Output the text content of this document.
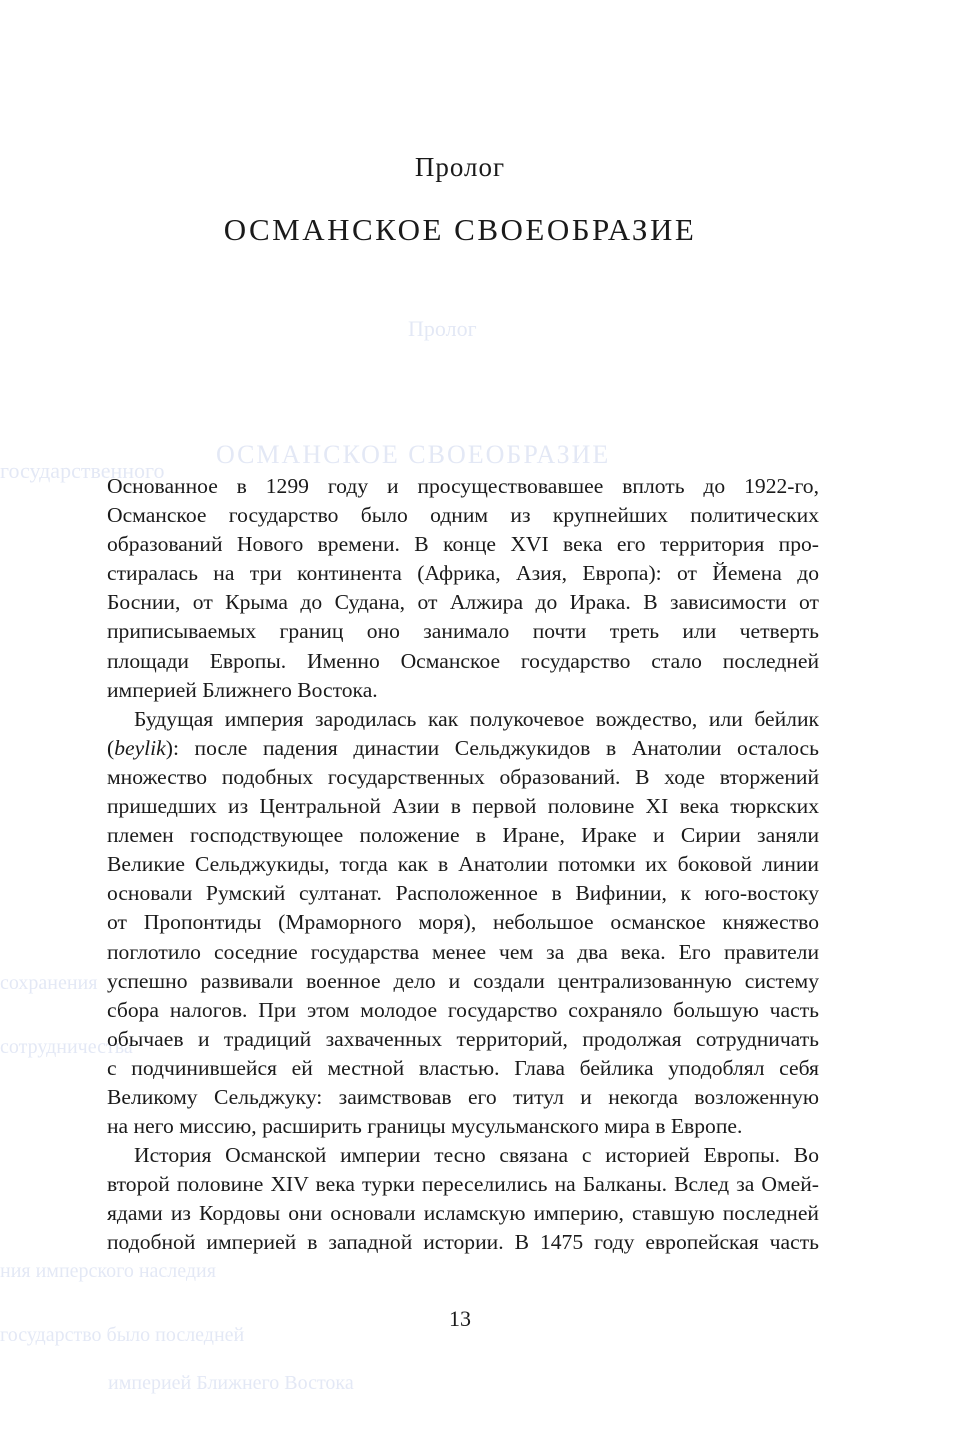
Пролог
ОСМАНСКОЕ СВОЕОБРАЗИЕ
государственного
сохранения
сотрудничества
ния имперского наследия
государство было последней
империей Ближнего Востока
Пролог
ОСМАНСКОЕ СВОЕОБРАЗИЕ

Основанное в 1299 году и просуществовавшее вплоть до 1922-го,
Османское государство было одним из крупнейших политических
образований Нового времени. В конце XVI века его территория про-
стиралась на три континента (Африка, Азия, Европа): от Йемена до
Боснии, от Крыма до Судана, от Алжира до Ирака. В зависимости от
приписываемых границ оно занимало почти треть или четверть
площади Европы. Именно Османское государство стало последней
империей Ближнего Востока.

Будущая империя зародилась как полукочевое вождество, или бейлик
(beylik): после падения династии Сельджукидов в Анатолии осталось
множество подобных государственных образований. В ходе вторжений
пришедших из Центральной Азии в первой половине XI века тюркских
племен господствующее положение в Иране, Ираке и Сирии заняли
Великие Сельджукиды, тогда как в Анатолии потомки их боковой линии
основали Румский султанат. Расположенное в Вифинии, к юго-востоку
от Пропонтиды (Мраморного моря), небольшое османское княжество
поглотило соседние государства менее чем за два века. Его правители
успешно развивали военное дело и создали централизованную систему
сбора налогов. При этом молодое государство сохраняло большую часть
обычаев и традиций захваченных территорий, продолжая сотрудничать
с подчинившейся ей местной властью. Глава бейлика уподоблял себя
Великому Сельджуку: заимствовав его титул и некогда возложенную
на него миссию, расширить границы мусульманского мира в Европе.

История Османской империи тесно связана с историей Европы. Во
второй половине XIV века турки переселились на Балканы. Вслед за Омей-
ядами из Кордовы они основали исламскую империю, ставшую последней
подобной империей в западной истории. В 1475 году европейская часть

13
